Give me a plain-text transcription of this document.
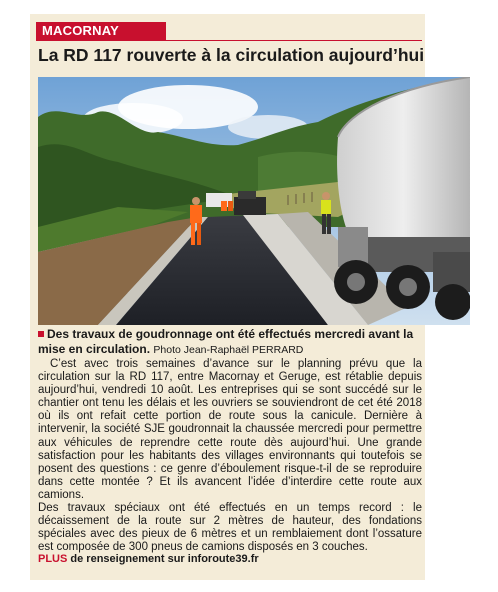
MACORNAY
La RD 117 rouverte à la circulation aujourd’hui
Des travaux de goudronnage ont été effectués mercredi avant la mise en circulation. Photo Jean-Raphaël PERRARD

C’est avec trois semaines d’avance sur le planning prévu que la circulation sur la RD 117, entre Macornay et Geruge, est rétablie depuis aujourd’hui, vendredi 10 août. Les entreprises qui se sont succédé sur le chantier ont tenu les délais et les ouvriers se souviendront de cet été 2018 où ils ont refait cette portion de route sous la canicule. Dernière à intervenir, la société SJE goudronnait la chaussée mercredi pour permettre aux véhicules de reprendre cette route dès aujourd’hui. Une grande satisfaction pour les habitants des villages environnants qui toutefois se posent des questions : ce genre d’éboulement risque-t-il de se reproduire dans cette montée ? Et ils avancent l’idée d’interdire cette route aux camions.

Des travaux spéciaux ont été effectués en un temps record : le décaissement de la route sur 2 mètres de hauteur, des fondations spéciales avec des pieux de 6 mètres et un remblaiement dont l’ossature est composée de 300 pneus de camions disposés en 3 couches.

PLUS de renseignement sur inforoute39.fr
